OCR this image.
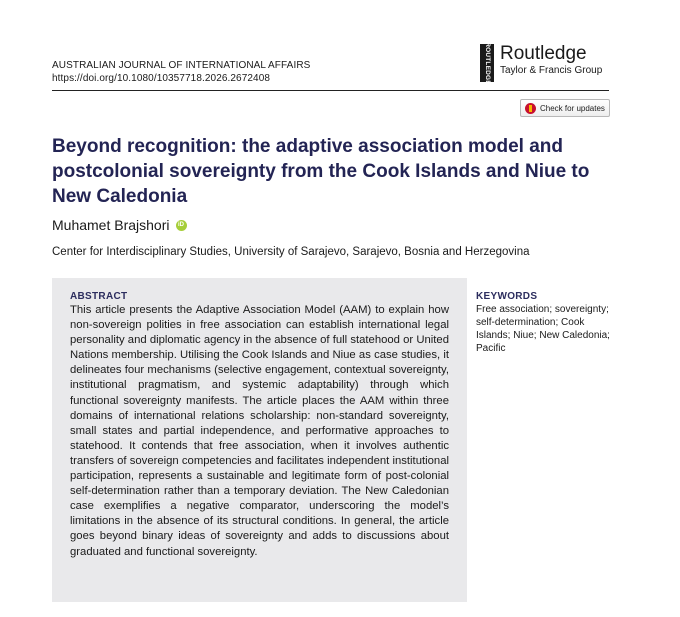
AUSTRALIAN JOURNAL OF INTERNATIONAL AFFAIRS
https://doi.org/10.1080/10357718.2026.2672408	ROUTLEDGE Routledge
Taylor & Francis Group
Check for updates
Beyond recognition: the adaptive association model and postcolonial sovereignty from the Cook Islands and Niue to New Caledonia
Muhamet Brajshori	iD
Center for Interdisciplinary Studies, University of Sarajevo, Sarajevo, Bosnia and Herzegovina
ABSTRACT

This article presents the Adaptive Association Model (AAM) to explain how non-sovereign polities in free association can establish international legal personality and diplomatic agency in the absence of full statehood or United Nations membership. Utilising the Cook Islands and Niue as case studies, it delineates four mechanisms (selective engagement, contextual sovereignty, institutional pragmatism, and systemic adaptability) through which functional sovereignty manifests. The article places the AAM within three domains of international relations scholarship: non-standard sovereignty, small states and partial independence, and performative approaches to statehood. It contends that free association, when it involves authentic transfers of sovereign competencies and facilitates independent institutional participation, represents a sustainable and legitimate form of post-colonial self-determination rather than a temporary deviation. The New Caledonian case exemplifies a negative comparator, underscoring the model’s limitations in the absence of its structural conditions. In general, the article goes beyond binary ideas of sovereignty and adds to discussions about graduated and functional sovereignty.

KEYWORDS

Free association; sovereignty; self-determination; Cook Islands; Niue; New Caledonia; Pacific
